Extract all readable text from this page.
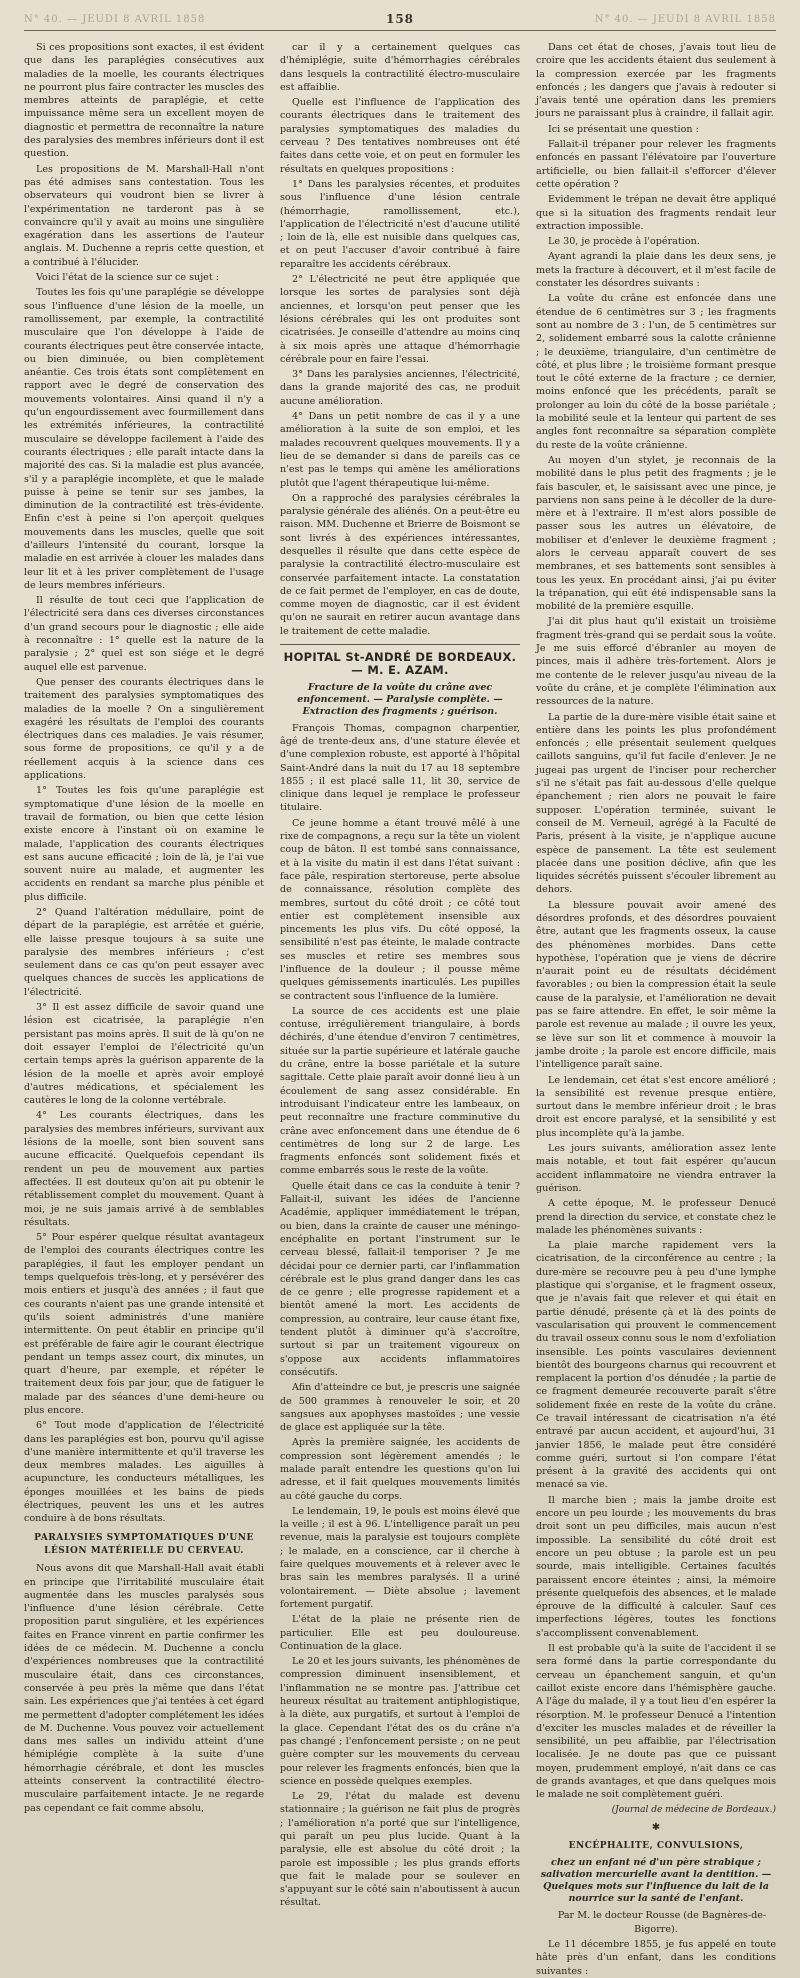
N° 40. — JEUDI 8 AVRIL 1858	158	N° 40. — JEUDI 8 AVRIL 1858

Si ces propositions sont exactes, il est évident que dans les paraplégies consécutives aux maladies de la moelle, les courants électriques ne pourront plus faire contracter les muscles des membres atteints de paraplégie, et cette impuissance même sera un excellent moyen de diagnostic et permettra de reconnaître la nature des paralysies des membres inférieurs dont il est question.

Les propositions de M. Marshall-Hall n'ont pas été admises sans contestation. Tous les observateurs qui voudront bien se livrer à l'expérimentation ne tarderont pas à se convaincre qu'il y avait au moins une singulière exagération dans les assertions de l'auteur anglais. M. Duchenne a repris cette question, et a contribué à l'élucider.

Voici l'état de la science sur ce sujet :

Toutes les fois qu'une paraplégie se développe sous l'influence d'une lésion de la moelle, un ramollissement, par exemple, la contractilité musculaire que l'on développe à l'aide de courants électriques peut être conservée intacte, ou bien diminuée, ou bien complètement anéantie. Ces trois états sont complètement en rapport avec le degré de conservation des mouvements volontaires. Ainsi quand il n'y a qu'un engourdissement avec fourmillement dans les extrémités inférieures, la contractilité musculaire se développe facilement à l'aide des courants électriques ; elle paraît intacte dans la majorité des cas. Si la maladie est plus avancée, s'il y a paraplégie incomplète, et que le malade puisse à peine se tenir sur ses jambes, la diminution de la contractilité est très-évidente. Enfin c'est à peine si l'on aperçoit quelques mouvements dans les muscles, quelle que soit d'ailleurs l'intensité du courant, lorsque la maladie en est arrivée à clouer les malades dans leur lit et à les priver complètement de l'usage de leurs membres inférieurs.

Il résulte de tout ceci que l'application de l'électricité sera dans ces diverses circonstances d'un grand secours pour le diagnostic ; elle aide à reconnaître : 1° quelle est la nature de la paralysie ; 2° quel est son siége et le degré auquel elle est parvenue.

Que penser des courants électriques dans le traitement des paralysies symptomatiques des maladies de la moelle ? On a singulièrement exagéré les résultats de l'emploi des courants électriques dans ces maladies. Je vais résumer, sous forme de propositions, ce qu'il y a de réellement acquis à la science dans ces applications.

1° Toutes les fois qu'une paraplégie est symptomatique d'une lésion de la moelle en travail de formation, ou bien que cette lésion existe encore à l'instant où on examine le malade, l'application des courants électriques est sans aucune efficacité ; loin de là, je l'ai vue souvent nuire au malade, et augmenter les accidents en rendant sa marche plus pénible et plus difficile.

2° Quand l'altération médullaire, point de départ de la paraplégie, est arrêtée et guérie, elle laisse presque toujours à sa suite une paralysie des membres inférieurs ; c'est seulement dans ce cas qu'on peut essayer avec quelques chances de succès les applications de l'électricité.

3° Il est assez difficile de savoir quand une lésion est cicatrisée, la paraplégie n'en persistant pas moins après. Il suit de là qu'on ne doit essayer l'emploi de l'électricité qu'un certain temps après la guérison apparente de la lésion de la moelle et après avoir employé d'autres médications, et spécialement les cautères le long de la colonne vertébrale.

4° Les courants électriques, dans les paralysies des membres inférieurs, survivant aux lésions de la moelle, sont bien souvent sans aucune efficacité. Quelquefois cependant ils rendent un peu de mouvement aux parties affectées. Il est douteux qu'on ait pu obtenir le rétablissement complet du mouvement. Quant à moi, je ne suis jamais arrivé à de semblables résultats.

5° Pour espérer quelque résultat avantageux de l'emploi des courants électriques contre les paraplégies, il faut les employer pendant un temps quelquefois très-long, et y persévérer des mois entiers et jusqu'à des années ; il faut que ces courants n'aient pas une grande intensité et qu'ils soient administrés d'une manière intermittente. On peut établir en principe qu'il est préférable de faire agir le courant électrique pendant un temps assez court, dix minutes, un quart d'heure, par exemple, et répéter le traitement deux fois par jour, que de fatiguer le malade par des séances d'une demi-heure ou plus encore.

6° Tout mode d'application de l'électricité dans les paraplégies est bon, pourvu qu'il agisse d'une manière intermittente et qu'il traverse les deux membres malades. Les aiguilles à acupuncture, les conducteurs métalliques, les éponges mouillées et les bains de pieds électriques, peuvent les uns et les autres conduire à de bons résultats.

PARALYSIES SYMPTOMATIQUES D'UNE LÉSION MATÉRIELLE DU CERVEAU.

Nous avons dit que Marshall-Hall avait établi en principe que l'irritabilité musculaire était augmentée dans les muscles paralysés sous l'influence d'une lésion cérébrale. Cette proposition parut singulière, et les expériences faites en France vinrent en partie confirmer les idées de ce médecin. M. Duchenne a conclu d'expériences nombreuses que la contractilité musculaire était, dans ces circonstances, conservée à peu près la même que dans l'état sain. Les expériences que j'ai tentées à cet égard me permettent d'adopter complétement les idées de M. Duchenne. Vous pouvez voir actuellement dans mes salles un individu atteint d'une hémiplégie complète à la suite d'une hémorrhagie cérébrale, et dont les muscles atteints conservent la contractilité électro-musculaire parfaitement intacte. Je ne regarde pas cependant ce fait comme absolu,

car il y a certainement quelques cas d'hémiplégie, suite d'hémorrhagies cérébrales dans lesquels la contractilité électro-musculaire est affaiblie.

Quelle est l'influence de l'application des courants électriques dans le traitement des paralysies symptomatiques des maladies du cerveau ? Des tentatives nombreuses ont été faites dans cette voie, et on peut en formuler les résultats en quelques propositions :

1° Dans les paralysies récentes, et produites sous l'influence d'une lésion centrale (hémorrhagie, ramollissement, etc.), l'application de l'électricité n'est d'aucune utilité ; loin de là, elle est nuisible dans quelques cas, et on peut l'accuser d'avoir contribué à faire reparaître les accidents cérébraux.

2° L'électricité ne peut être appliquée que lorsque les sortes de paralysies sont déjà anciennes, et lorsqu'on peut penser que les lésions cérébrales qui les ont produites sont cicatrisées. Je conseille d'attendre au moins cinq à six mois après une attaque d'hémorrhagie cérébrale pour en faire l'essai.

3° Dans les paralysies anciennes, l'électricité, dans la grande majorité des cas, ne produit aucune amélioration.

4° Dans un petit nombre de cas il y a une amélioration à la suite de son emploi, et les malades recouvrent quelques mouvements. Il y a lieu de se demander si dans de pareils cas ce n'est pas le temps qui amène les améliorations plutôt que l'agent thérapeutique lui-même.

On a rapproché des paralysies cérébrales la paralysie générale des aliénés. On a peut-être eu raison. MM. Duchenne et Brierre de Boismont se sont livrés à des expériences intéressantes, desquelles il résulte que dans cette espèce de paralysie la contractilité électro-musculaire est conservée parfaitement intacte. La constatation de ce fait permet de l'employer, en cas de doute, comme moyen de diagnostic, car il est évident qu'on ne saurait en retirer aucun avantage dans le traitement de cette maladie.

HOPITAL St-ANDRÉ DE BORDEAUX. — M. E. AZAM.
Fracture de la voûte du crâne avec enfoncement. — Paralysie complète. — Extraction des fragments ; guérison.

François Thomas, compagnon charpentier, âgé de trente-deux ans, d'une stature élevée et d'une complexion robuste, est apporté à l'hôpital Saint-André dans la nuit du 17 au 18 septembre 1855 ; il est placé salle 11, lit 30, service de clinique dans lequel je remplace le professeur titulaire.

Ce jeune homme a étant trouvé mêlé à une rixe de compagnons, a reçu sur la tête un violent coup de bâton. Il est tombé sans connaissance, et à la visite du matin il est dans l'état suivant : face pâle, respiration stertoreuse, perte absolue de connaissance, résolution complète des membres, surtout du côté droit ; ce côté tout entier est complètement insensible aux pincements les plus vifs. Du côté opposé, la sensibilité n'est pas éteinte, le malade contracte ses muscles et retire ses membres sous l'influence de la douleur ; il pousse même quelques gémissements inarticulés. Les pupilles se contractent sous l'influence de la lumière.

La source de ces accidents est une plaie contuse, irrégulièrement triangulaire, à bords déchirés, d'une étendue d'environ 7 centimètres, située sur la partie supérieure et latérale gauche du crâne, entre la bosse pariétale et la suture sagittale. Cette plaie paraît avoir donné lieu à un écoulement de sang assez considérable. En introduisant l'indicateur entre les lambeaux, on peut reconnaître une fracture comminutive du crâne avec enfoncement dans une étendue de 6 centimètres de long sur 2 de large. Les fragments enfoncés sont solidement fixés et comme embarrés sous le reste de la voûte.

Quelle était dans ce cas la conduite à tenir ? Fallait-il, suivant les idées de l'ancienne Académie, appliquer immédiatement le trépan, ou bien, dans la crainte de causer une méningo-encéphalite en portant l'instrument sur le cerveau blessé, fallait-il temporiser ? Je me décidai pour ce dernier parti, car l'inflammation cérébrale est le plus grand danger dans les cas de ce genre ; elle progresse rapidement et a bientôt amené la mort. Les accidents de compression, au contraire, leur cause étant fixe, tendent plutôt à diminuer qu'à s'accroître, surtout si par un traitement vigoureux on s'oppose aux accidents inflammatoires consécutifs.

Afin d'atteindre ce but, je prescris une saignée de 500 grammes à renouveler le soir, et 20 sangsues aux apophyses mastoïdes ; une vessie de glace est appliquée sur la tête.

Après la première saignée, les accidents de compression sont légèrement amendés ; le malade paraît entendre les questions qu'on lui adresse, et il fait quelques mouvements limités au côté gauche du corps.

Le lendemain, 19, le pouls est moins élevé que la veille ; il est à 96. L'intelligence paraît un peu revenue, mais la paralysie est toujours complète ; le malade, en a conscience, car il cherche à faire quelques mouvements et à relever avec le bras sain les membres paralysés. Il a uriné volontairement. — Diète absolue ; lavement fortement purgatif.

L'état de la plaie ne présente rien de particulier. Elle est peu douloureuse. Continuation de la glace.

Le 20 et les jours suivants, les phénomènes de compression diminuent insensiblement, et l'inflammation ne se montre pas. J'attribue cet heureux résultat au traitement antiphlogistique, à la diète, aux purgatifs, et surtout à l'emploi de la glace. Cependant l'état des os du crâne n'a pas changé ; l'enfoncement persiste ; on ne peut guère compter sur les mouvements du cerveau pour relever les fragments enfoncés, bien que la science en possède quelques exemples.

Le 29, l'état du malade est devenu stationnaire ; la guérison ne fait plus de progrès ; l'amélioration n'a porté que sur l'intelligence, qui paraît un peu plus lucide. Quant à la paralysie, elle est absolue du côté droit ; la parole est impossible ; les plus grands efforts que fait le malade pour se soulever en s'appuyant sur le côté sain n'aboutissent à aucun résultat.

Dans cet état de choses, j'avais tout lieu de croire que les accidents étaient dus seulement à la compression exercée par les fragments enfoncés ; les dangers que j'avais à redouter si j'avais tenté une opération dans les premiers jours ne paraissant plus à craindre, il fallait agir.

Ici se présentait une question :

Fallait-il trépaner pour relever les fragments enfoncés en passant l'élévatoire par l'ouverture artificielle, ou bien fallait-il s'efforcer d'élever cette opération ?

Evidemment le trépan ne devait être appliqué que si la situation des fragments rendait leur extraction impossible.

Le 30, je procède à l'opération.

Ayant agrandi la plaie dans les deux sens, je mets la fracture à découvert, et il m'est facile de constater les désordres suivants :

La voûte du crâne est enfoncée dans une étendue de 6 centimètres sur 3 ; les fragments sont au nombre de 3 : l'un, de 5 centimètres sur 2, solidement embarré sous la calotte crânienne ; le deuxième, triangulaire, d'un centimètre de côté, et plus libre ; le troisième formant presque tout le côté externe de la fracture ; ce dernier, moins enfoncé que les précédents, paraît se prolonger au loin du côté de la bosse pariétale ; la mobilité seule et la lenteur qui partent de ses angles font reconnaître sa séparation complète du reste de la voûte crânienne.

Au moyen d'un stylet, je reconnais de la mobilité dans le plus petit des fragments ; je le fais basculer, et, le saisissant avec une pince, je parviens non sans peine à le décoller de la dure-mère et à l'extraire. Il m'est alors possible de passer sous les autres un élévatoire, de mobiliser et d'enlever le deuxième fragment ; alors le cerveau apparaît couvert de ses membranes, et ses battements sont sensibles à tous les yeux. En procédant ainsi, j'ai pu éviter la trépanation, qui eût été indispensable sans la mobilité de la première esquille.

J'ai dit plus haut qu'il existait un troisième fragment très-grand qui se perdait sous la voûte. Je me suis efforcé d'ébranler au moyen de pinces, mais il adhère très-fortement. Alors je me contente de le relever jusqu'au niveau de la voûte du crâne, et je complète l'élimination aux ressources de la nature.

La partie de la dure-mère visible était saine et entière dans les points les plus profondément enfoncés ; elle présentait seulement quelques caillots sanguins, qu'il fut facile d'enlever. Je ne jugeai pas urgent de l'inciser pour rechercher s'il ne s'était pas fait au-dessous d'elle quelque épanchement ; rien alors ne pouvait le faire supposer. L'opération terminée, suivant le conseil de M. Verneuil, agrégé à la Faculté de Paris, présent à la visite, je n'applique aucune espèce de pansement. La tête est seulement placée dans une position déclive, afin que les liquides sécrétés puissent s'écouler librement au dehors.

La blessure pouvait avoir amené des désordres profonds, et des désordres pouvaient être, autant que les fragments osseux, la cause des phénomènes morbides. Dans cette hypothèse, l'opération que je viens de décrire n'aurait point eu de résultats décidément favorables ; ou bien la compression était la seule cause de la paralysie, et l'amélioration ne devait pas se faire attendre. En effet, le soir même la parole est revenue au malade ; il ouvre les yeux, se lève sur son lit et commence à mouvoir la jambe droite ; la parole est encore difficile, mais l'intelligence paraît saine.

Le lendemain, cet état s'est encore amélioré ; la sensibilité est revenue presque entière, surtout dans le membre inférieur droit ; le bras droit est encore paralysé, et la sensibilité y est plus incomplète qu'à la jambe.

Les jours suivants, amélioration assez lente mais notable, et tout fait espérer qu'aucun accident inflammatoire ne viendra entraver la guérison.

A cette époque, M. le professeur Denucé prend la direction du service, et constate chez le malade les phénomènes suivants :

La plaie marche rapidement vers la cicatrisation, de la circonférence au centre ; la dure-mère se recouvre peu à peu d'une lymphe plastique qui s'organise, et le fragment osseux, que je n'avais fait que relever et qui était en partie dénudé, présente çà et là des points de vascularisation qui prouvent le commencement du travail osseux connu sous le nom d'exfoliation insensible. Les points vasculaires deviennent bientôt des bourgeons charnus qui recouvrent et remplacent la portion d'os dénudée ; la partie de ce fragment demeurée recouverte paraît s'être solidement fixée en reste de la voûte du crâne. Ce travail intéressant de cicatrisation n'a été entravé par aucun accident, et aujourd'hui, 31 janvier 1856, le malade peut être considéré comme guéri, surtout si l'on compare l'état présent à la gravité des accidents qui ont menacé sa vie.

Il marche bien ; mais la jambe droite est encore un peu lourde ; les mouvements du bras droit sont un peu difficiles, mais aucun n'est impossible. La sensibilité du côté droit est encore un peu obtuse ; la parole est un peu sourde, mais intelligible. Certaines facultés paraissent encore éteintes ; ainsi, la mémoire présente quelquefois des absences, et le malade éprouve de la difficulté à calculer. Sauf ces imperfections légères, toutes les fonctions s'accomplissent convenablement.

Il est probable qu'à la suite de l'accident il se sera formé dans la partie correspondante du cerveau un épanchement sanguin, et qu'un caillot existe encore dans l'hémisphère gauche. A l'âge du malade, il y a tout lieu d'en espérer la résorption. M. le professeur Denucé a l'intention d'exciter les muscles malades et de réveiller la sensibilité, un peu affaiblie, par l'électrisation localisée. Je ne doute pas que ce puissant moyen, prudemment employé, n'ait dans ce cas de grands avantages, et que dans quelques mois le malade ne soit complètement guéri.

(Journal de médecine de Bordeaux.)
✱
ENCÉPHALITE, CONVULSIONS,
chez un enfant né d'un père strabique ; salivation mercurielle avant la dentition. — Quelques mots sur l'influence du lait de la nourrice sur la santé de l'enfant.

Par M. le docteur Rousse (de Bagnères-de-Bigorre).

Le 11 décembre 1855, je fus appelé en toute hâte près d'un enfant, dans les conditions suivantes :
